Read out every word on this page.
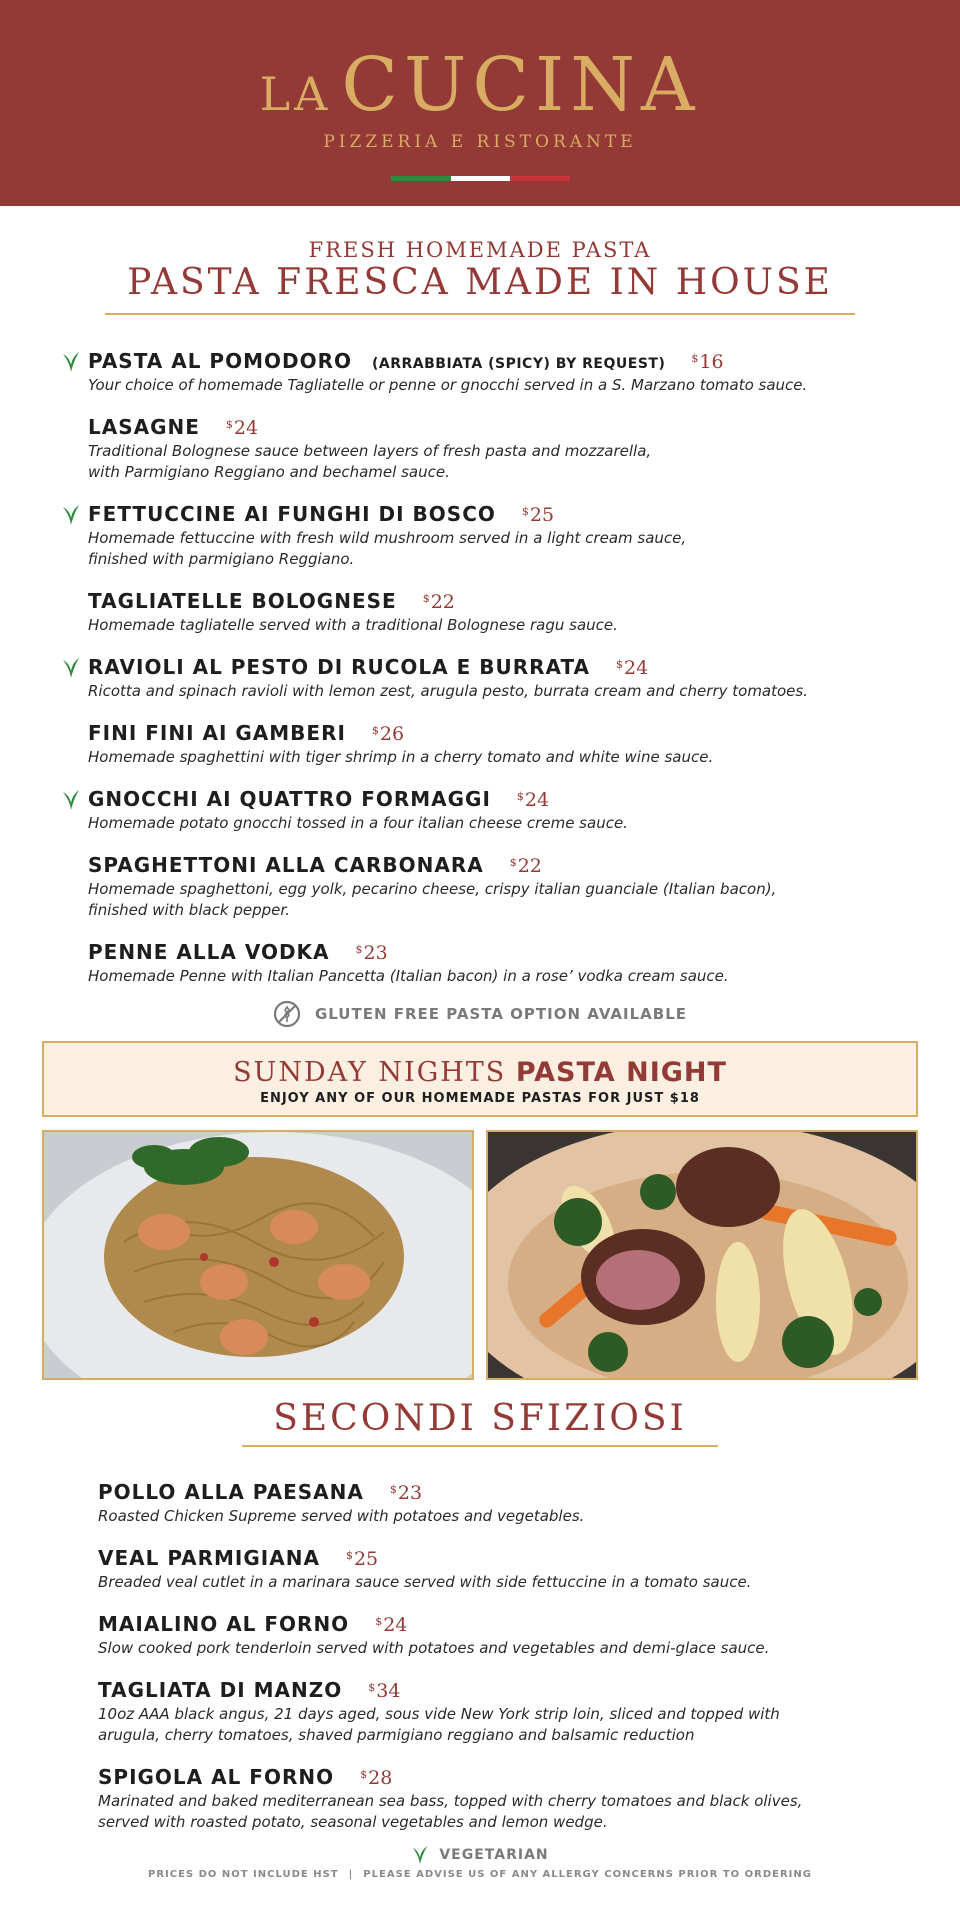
LA CUCINA
PIZZERIA E RISTORANTE
FRESH HOMEMADE PASTA
PASTA FRESCA MADE IN HOUSE
PASTA AL POMODORO (ARRABBIATA (SPICY) BY REQUEST) $16
Your choice of homemade Tagliatelle or penne or gnocchi served in a S. Marzano tomato sauce.
LASAGNE $24
Traditional Bolognese sauce between layers of fresh pasta and mozzarella,
with Parmigiano Reggiano and bechamel sauce.
FETTUCCINE AI FUNGHI DI BOSCO $25
Homemade fettuccine with fresh wild mushroom served in a light cream sauce,
finished with parmigiano Reggiano.
TAGLIATELLE BOLOGNESE $22
Homemade tagliatelle served with a traditional Bolognese ragu sauce.
RAVIOLI AL PESTO DI RUCOLA E BURRATA $24
Ricotta and spinach ravioli with lemon zest, arugula pesto, burrata cream and cherry tomatoes.
FINI FINI AI GAMBERI $26
Homemade spaghettini with tiger shrimp in a cherry tomato and white wine sauce.
GNOCCHI AI QUATTRO FORMAGGI $24
Homemade potato gnocchi tossed in a four italian cheese creme sauce.
SPAGHETTONI ALLA CARBONARA $22
Homemade spaghettoni, egg yolk, pecarino cheese, crispy italian guanciale (Italian bacon),
finished with black pepper.
PENNE ALLA VODKA $23
Homemade Penne with Italian Pancetta (Italian bacon) in a rose’ vodka cream sauce.
GLUTEN FREE PASTA OPTION AVAILABLE
SUNDAY NIGHTS PASTA NIGHT
ENJOY ANY OF OUR HOMEMADE PASTAS FOR JUST $18
SECONDI SFIZIOSI
POLLO ALLA PAESANA $23
Roasted Chicken Supreme served with potatoes and vegetables.
VEAL PARMIGIANA $25
Breaded veal cutlet in a marinara sauce served with side fettuccine in a tomato sauce.
MAIALINO AL FORNO $24
Slow cooked pork tenderloin served with potatoes and vegetables and demi-glace sauce.
TAGLIATA DI MANZO $34
10oz AAA black angus, 21 days aged, sous vide New York strip loin, sliced and topped with
arugula, cherry tomatoes, shaved parmigiano reggiano and balsamic reduction
SPIGOLA AL FORNO $28
Marinated and baked mediterranean sea bass, topped with cherry tomatoes and black olives,
served with roasted potato, seasonal vegetables and lemon wedge.
VEGETARIAN
PRICES DO NOT INCLUDE HST | PLEASE ADVISE US OF ANY ALLERGY CONCERNS PRIOR TO ORDERING
